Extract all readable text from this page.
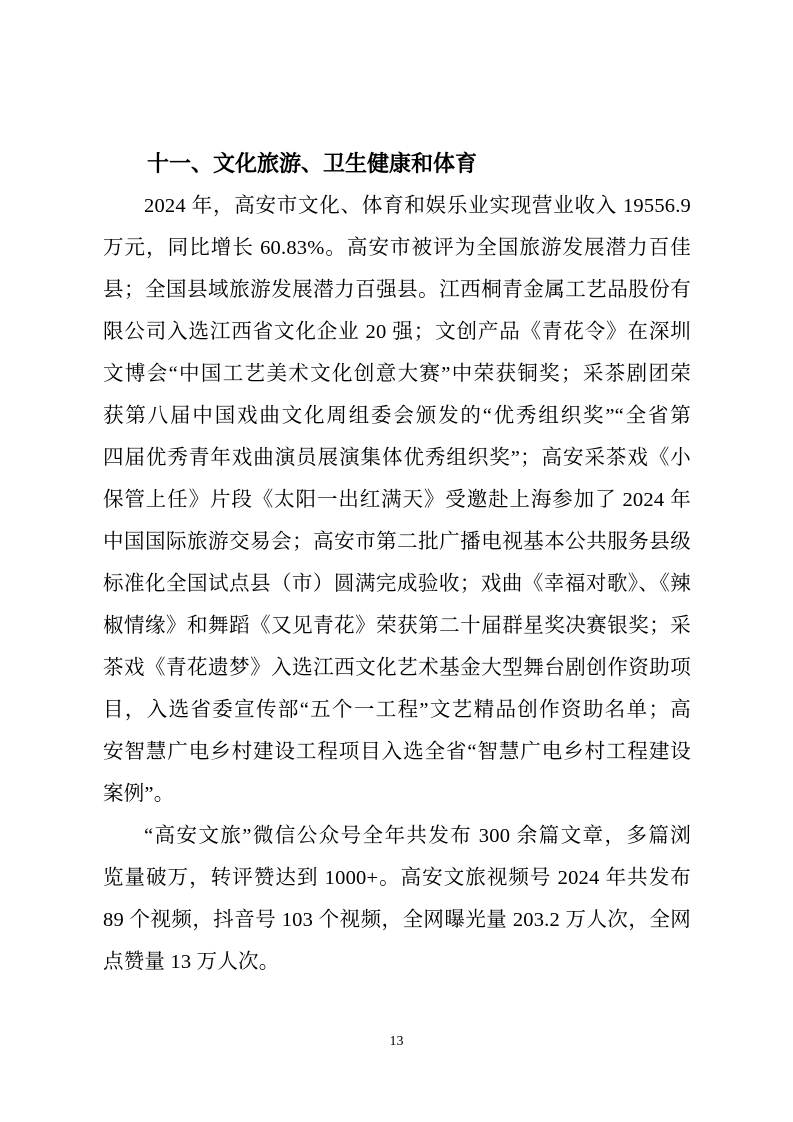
十一、文化旅游、卫生健康和体育
2024 年，高安市文化、体育和娱乐业实现营业收入 19556.9
万元，同比增长 60.83%。高安市被评为全国旅游发展潜力百佳
县；全国县域旅游发展潜力百强县。江西桐青金属工艺品股份有
限公司入选江西省文化企业 20 强；文创产品《青花令》在深圳
文博会“中国工艺美术文化创意大赛”中荣获铜奖；采茶剧团荣
获第八届中国戏曲文化周组委会颁发的“优秀组织奖”“全省第
四届优秀青年戏曲演员展演集体优秀组织奖”；高安采茶戏《小
保管上任》片段《太阳一出红满天》受邀赴上海参加了 2024 年
中国国际旅游交易会；高安市第二批广播电视基本公共服务县级
标准化全国试点县（市）圆满完成验收；戏曲《幸福对歌》、《辣
椒情缘》和舞蹈《又见青花》荣获第二十届群星奖决赛银奖；采
茶戏《青花遗梦》入选江西文化艺术基金大型舞台剧创作资助项
目，入选省委宣传部“五个一工程”文艺精品创作资助名单；高
安智慧广电乡村建设工程项目入选全省“智慧广电乡村工程建设
案例”。
“高安文旅”微信公众号全年共发布 300 余篇文章，多篇浏
览量破万，转评赞达到 1000+。高安文旅视频号 2024 年共发布
89 个视频，抖音号 103 个视频，全网曝光量 203.2 万人次，全网
点赞量 13 万人次。
13
